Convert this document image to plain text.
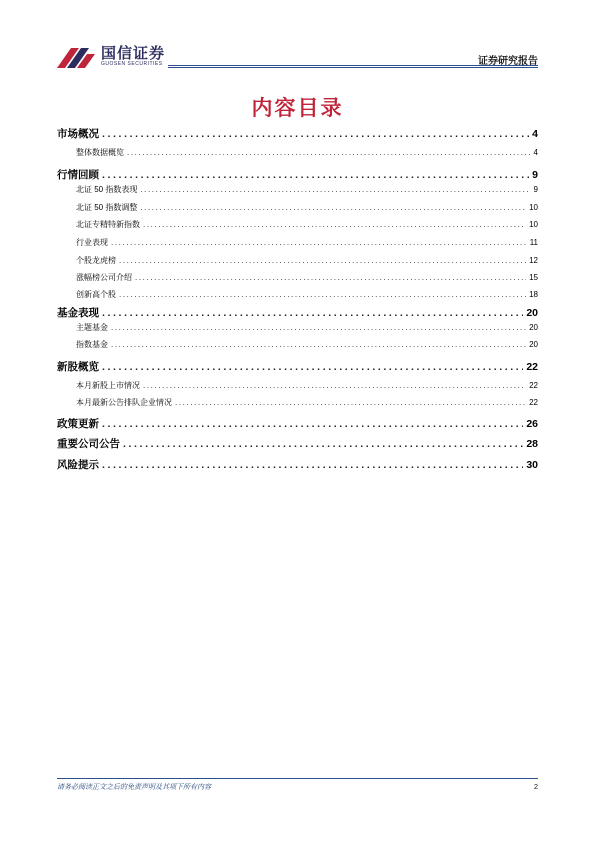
国信证券
GUOSEN SECURITIES	证券研究报告
内容目录
市场概况 .....	4
整体数据概览 .....	4
行情回顾 .....	9
北证 50 指数表现 .....	9
北证 50 指数调整 .....	10
北证专精特新指数 .....	10
行业表现 .....	11
个股龙虎榜 .....	12
涨幅榜公司介绍 .....	15
创新高个股 .....	18
基金表现 .....	20
主题基金 .....	20
指数基金 .....	20
新股概览 .....	22
本月新股上市情况 .....	22
本月最新公告排队企业情况 .....	22
政策更新 .....	26
重要公司公告 .....	28
风险提示 .....	30
请务必阅读正文之后的免责声明及其项下所有内容	2
